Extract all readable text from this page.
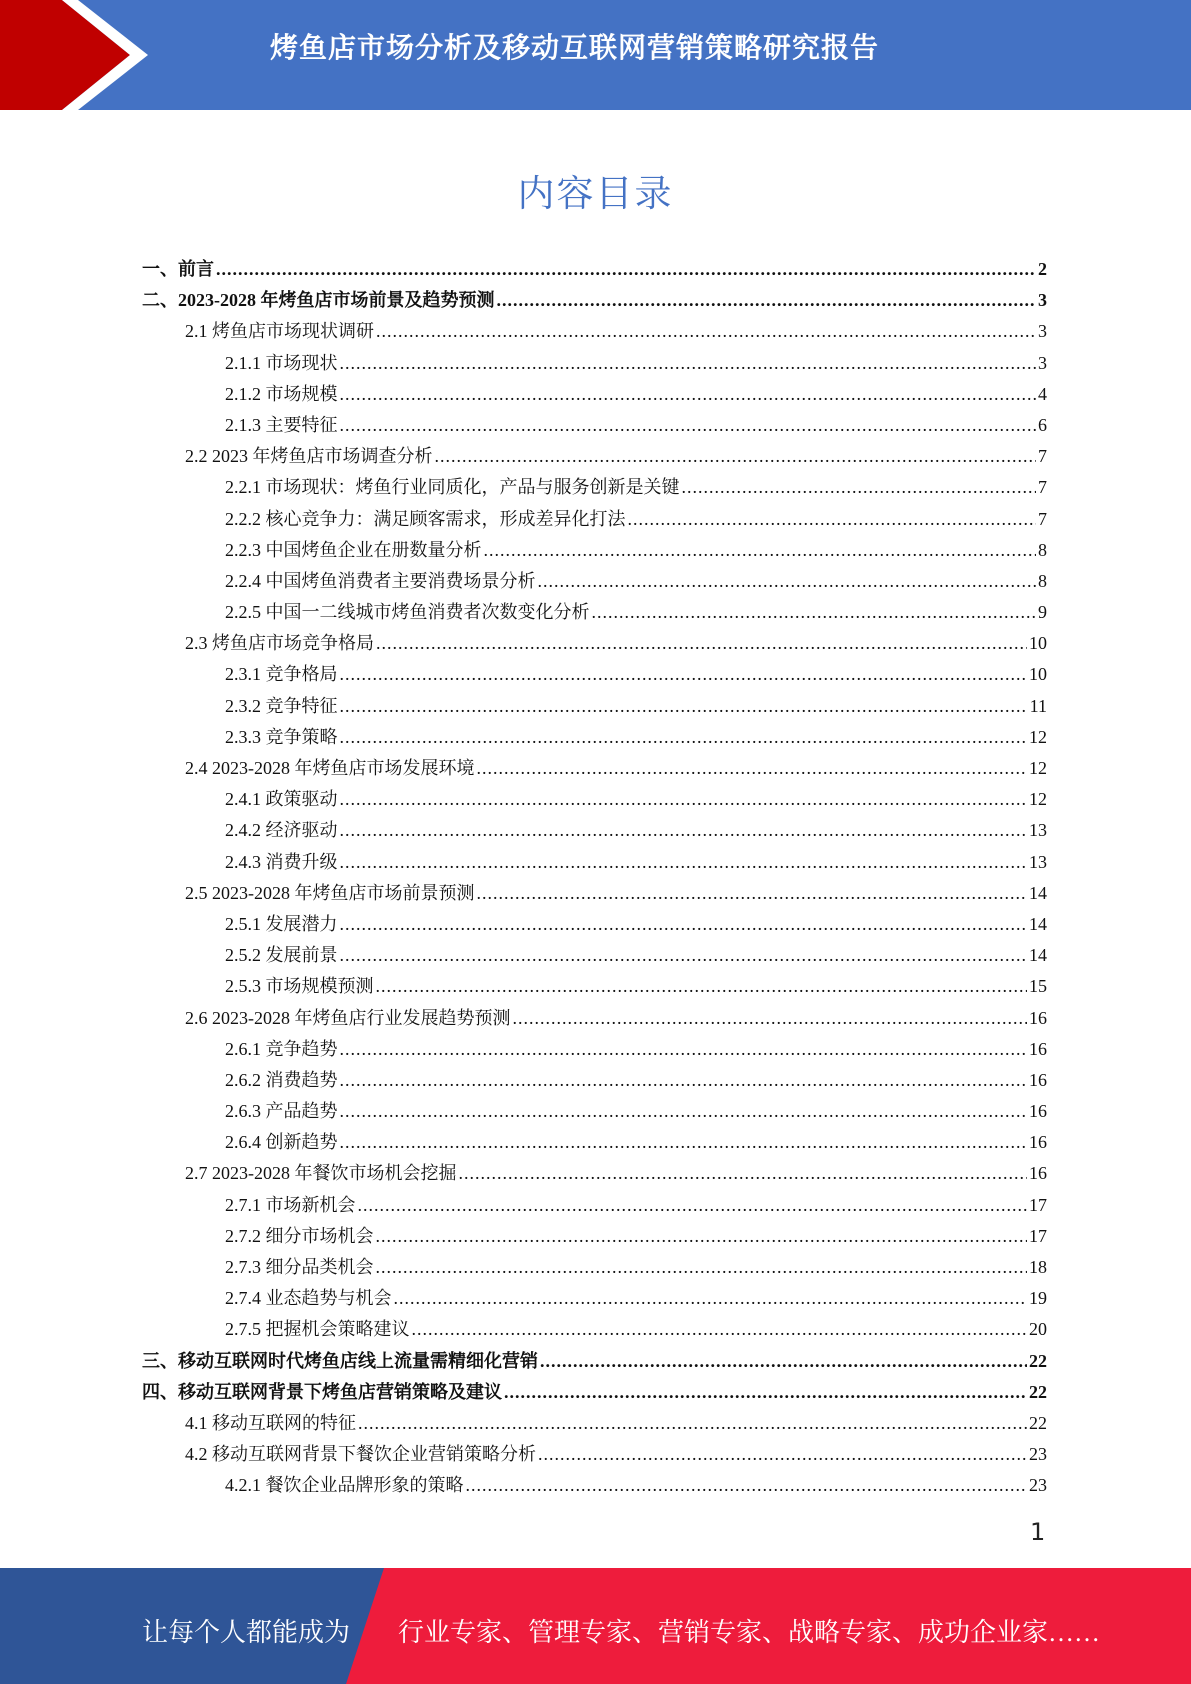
烤鱼店市场分析及移动互联网营销策略研究报告
内容目录
一、前言 .....	2
二、2023-2028 年烤鱼店市场前景及趋势预测 .....	3
2.1 烤鱼店市场现状调研 .....	3
2.1.1 市场现状 .....	3
2.1.2 市场规模 .....	4
2.1.3 主要特征 .....	6
2.2 2023 年烤鱼店市场调查分析 .....	7
2.2.1 市场现状：烤鱼行业同质化，产品与服务创新是关键 .....	7
2.2.2 核心竞争力：满足顾客需求，形成差异化打法 .....	7
2.2.3 中国烤鱼企业在册数量分析 .....	8
2.2.4 中国烤鱼消费者主要消费场景分析 .....	8
2.2.5 中国一二线城市烤鱼消费者次数变化分析 .....	9
2.3 烤鱼店市场竞争格局 .....	10
2.3.1 竞争格局 .....	10
2.3.2 竞争特征 .....	11
2.3.3 竞争策略 .....	12
2.4 2023-2028 年烤鱼店市场发展环境 .....	12
2.4.1 政策驱动 .....	12
2.4.2 经济驱动 .....	13
2.4.3 消费升级 .....	13
2.5 2023-2028 年烤鱼店市场前景预测 .....	14
2.5.1 发展潜力 .....	14
2.5.2 发展前景 .....	14
2.5.3 市场规模预测 .....	15
2.6 2023-2028 年烤鱼店行业发展趋势预测 .....	16
2.6.1 竞争趋势 .....	16
2.6.2 消费趋势 .....	16
2.6.3 产品趋势 .....	16
2.6.4 创新趋势 .....	16
2.7 2023-2028 年餐饮市场机会挖掘 .....	16
2.7.1 市场新机会 .....	17
2.7.2 细分市场机会 .....	17
2.7.3 细分品类机会 .....	18
2.7.4 业态趋势与机会 .....	19
2.7.5 把握机会策略建议 .....	20
三、移动互联网时代烤鱼店线上流量需精细化营销 .....	22
四、移动互联网背景下烤鱼店营销策略及建议 .....	22
4.1 移动互联网的特征 .....	22
4.2 移动互联网背景下餐饮企业营销策略分析 .....	23
4.2.1 餐饮企业品牌形象的策略 .....	23
1
让每个人都能成为 行业专家、管理专家、营销专家、战略专家、成功企业家……
